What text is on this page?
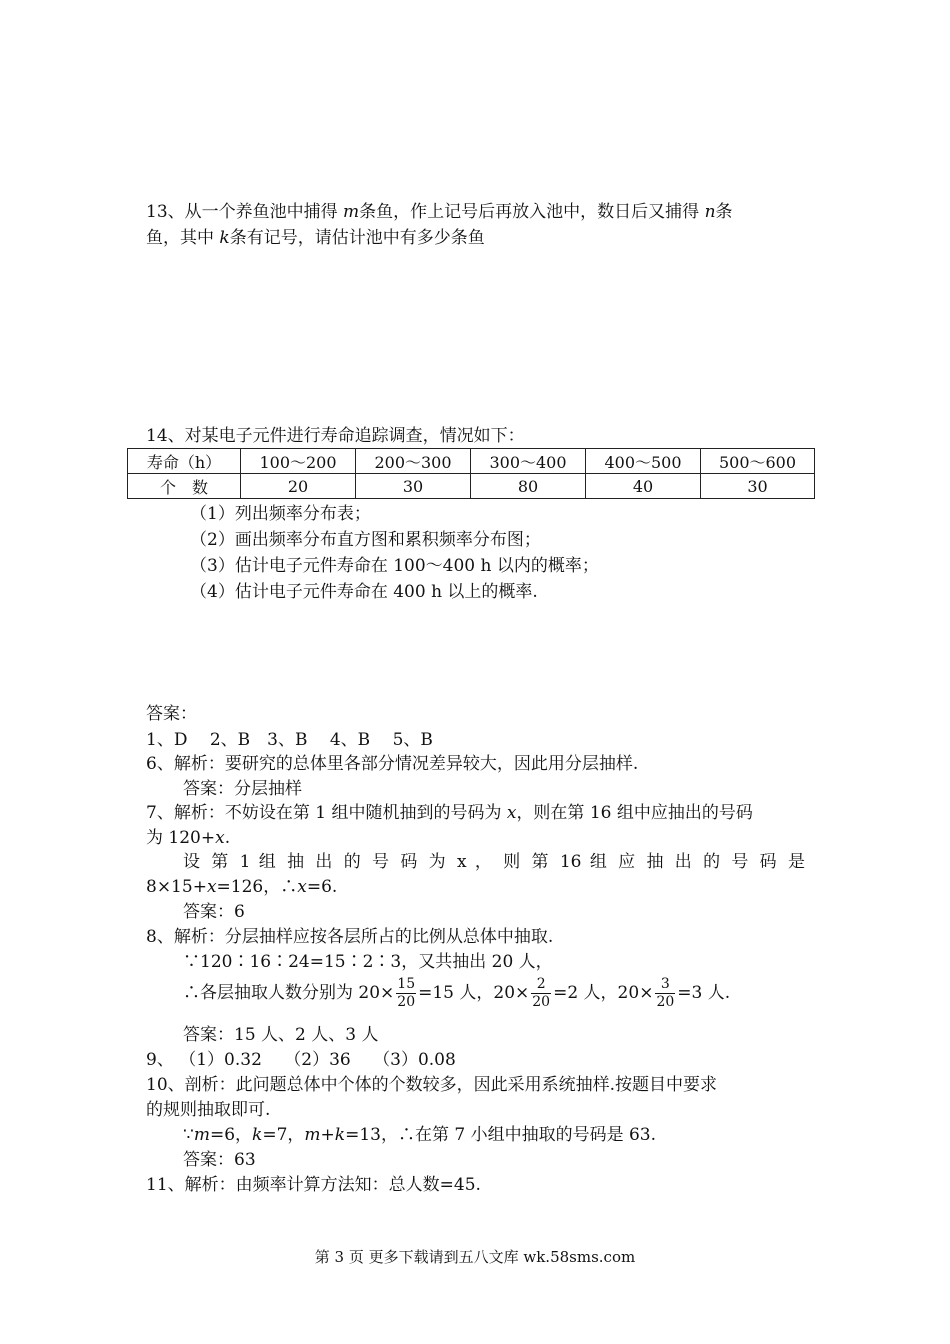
13、从一个养鱼池中捕得 m条鱼，作上记号后再放入池中，数日后又捕得 n条
鱼，其中 k条有记号，请估计池中有多少条鱼
14、对某电子元件进行寿命追踪调查，情况如下：
寿命（h）	100～200	200～300	300～400	400～500	500～600
个　数	20	30	80	40	30
（1）列出频率分布表；
（2）画出频率分布直方图和累积频率分布图；
（3）估计电子元件寿命在 100～400 h 以内的概率；
（4）估计电子元件寿命在 400 h 以上的概率.
答案：
1、D　 2、B　3、B　 4、B　 5、B
6、解析：要研究的总体里各部分情况差异较大，因此用分层抽样.
答案：分层抽样
7、解析：不妨设在第 1 组中随机抽到的号码为 x，则在第 16 组中应抽出的号码
为 120+x.
设 第 1 组 抽 出 的 号 码 为 x ， 则 第 16 组 应 抽 出 的 号 码 是
8×15+x=126，∴x=6.
答案：6
8、解析：分层抽样应按各层所占的比例从总体中抽取.
∵120∶16∶24=15∶2∶3，又共抽出 20 人，
∴各层抽取人数分别为 $20\times \frac{15}{20} =15$ 人，$20\times \frac{2}{20} =2$ 人，$20\times \frac{3}{20} =3$ 人.
答案：15 人、2 人、3 人
9、 （1）0.32　 （2）36　 （3）0.08
10、剖析：此问题总体中个体的个数较多，因此采用系统抽样.按题目中要求
的规则抽取即可.
∵m=6，k=7，m+k=13，∴在第 7 小组中抽取的号码是 63.
答案：63
11、解析：由频率计算方法知：总人数=45.
第 3 页 更多下载请到五八文库 wk.58sms.com
